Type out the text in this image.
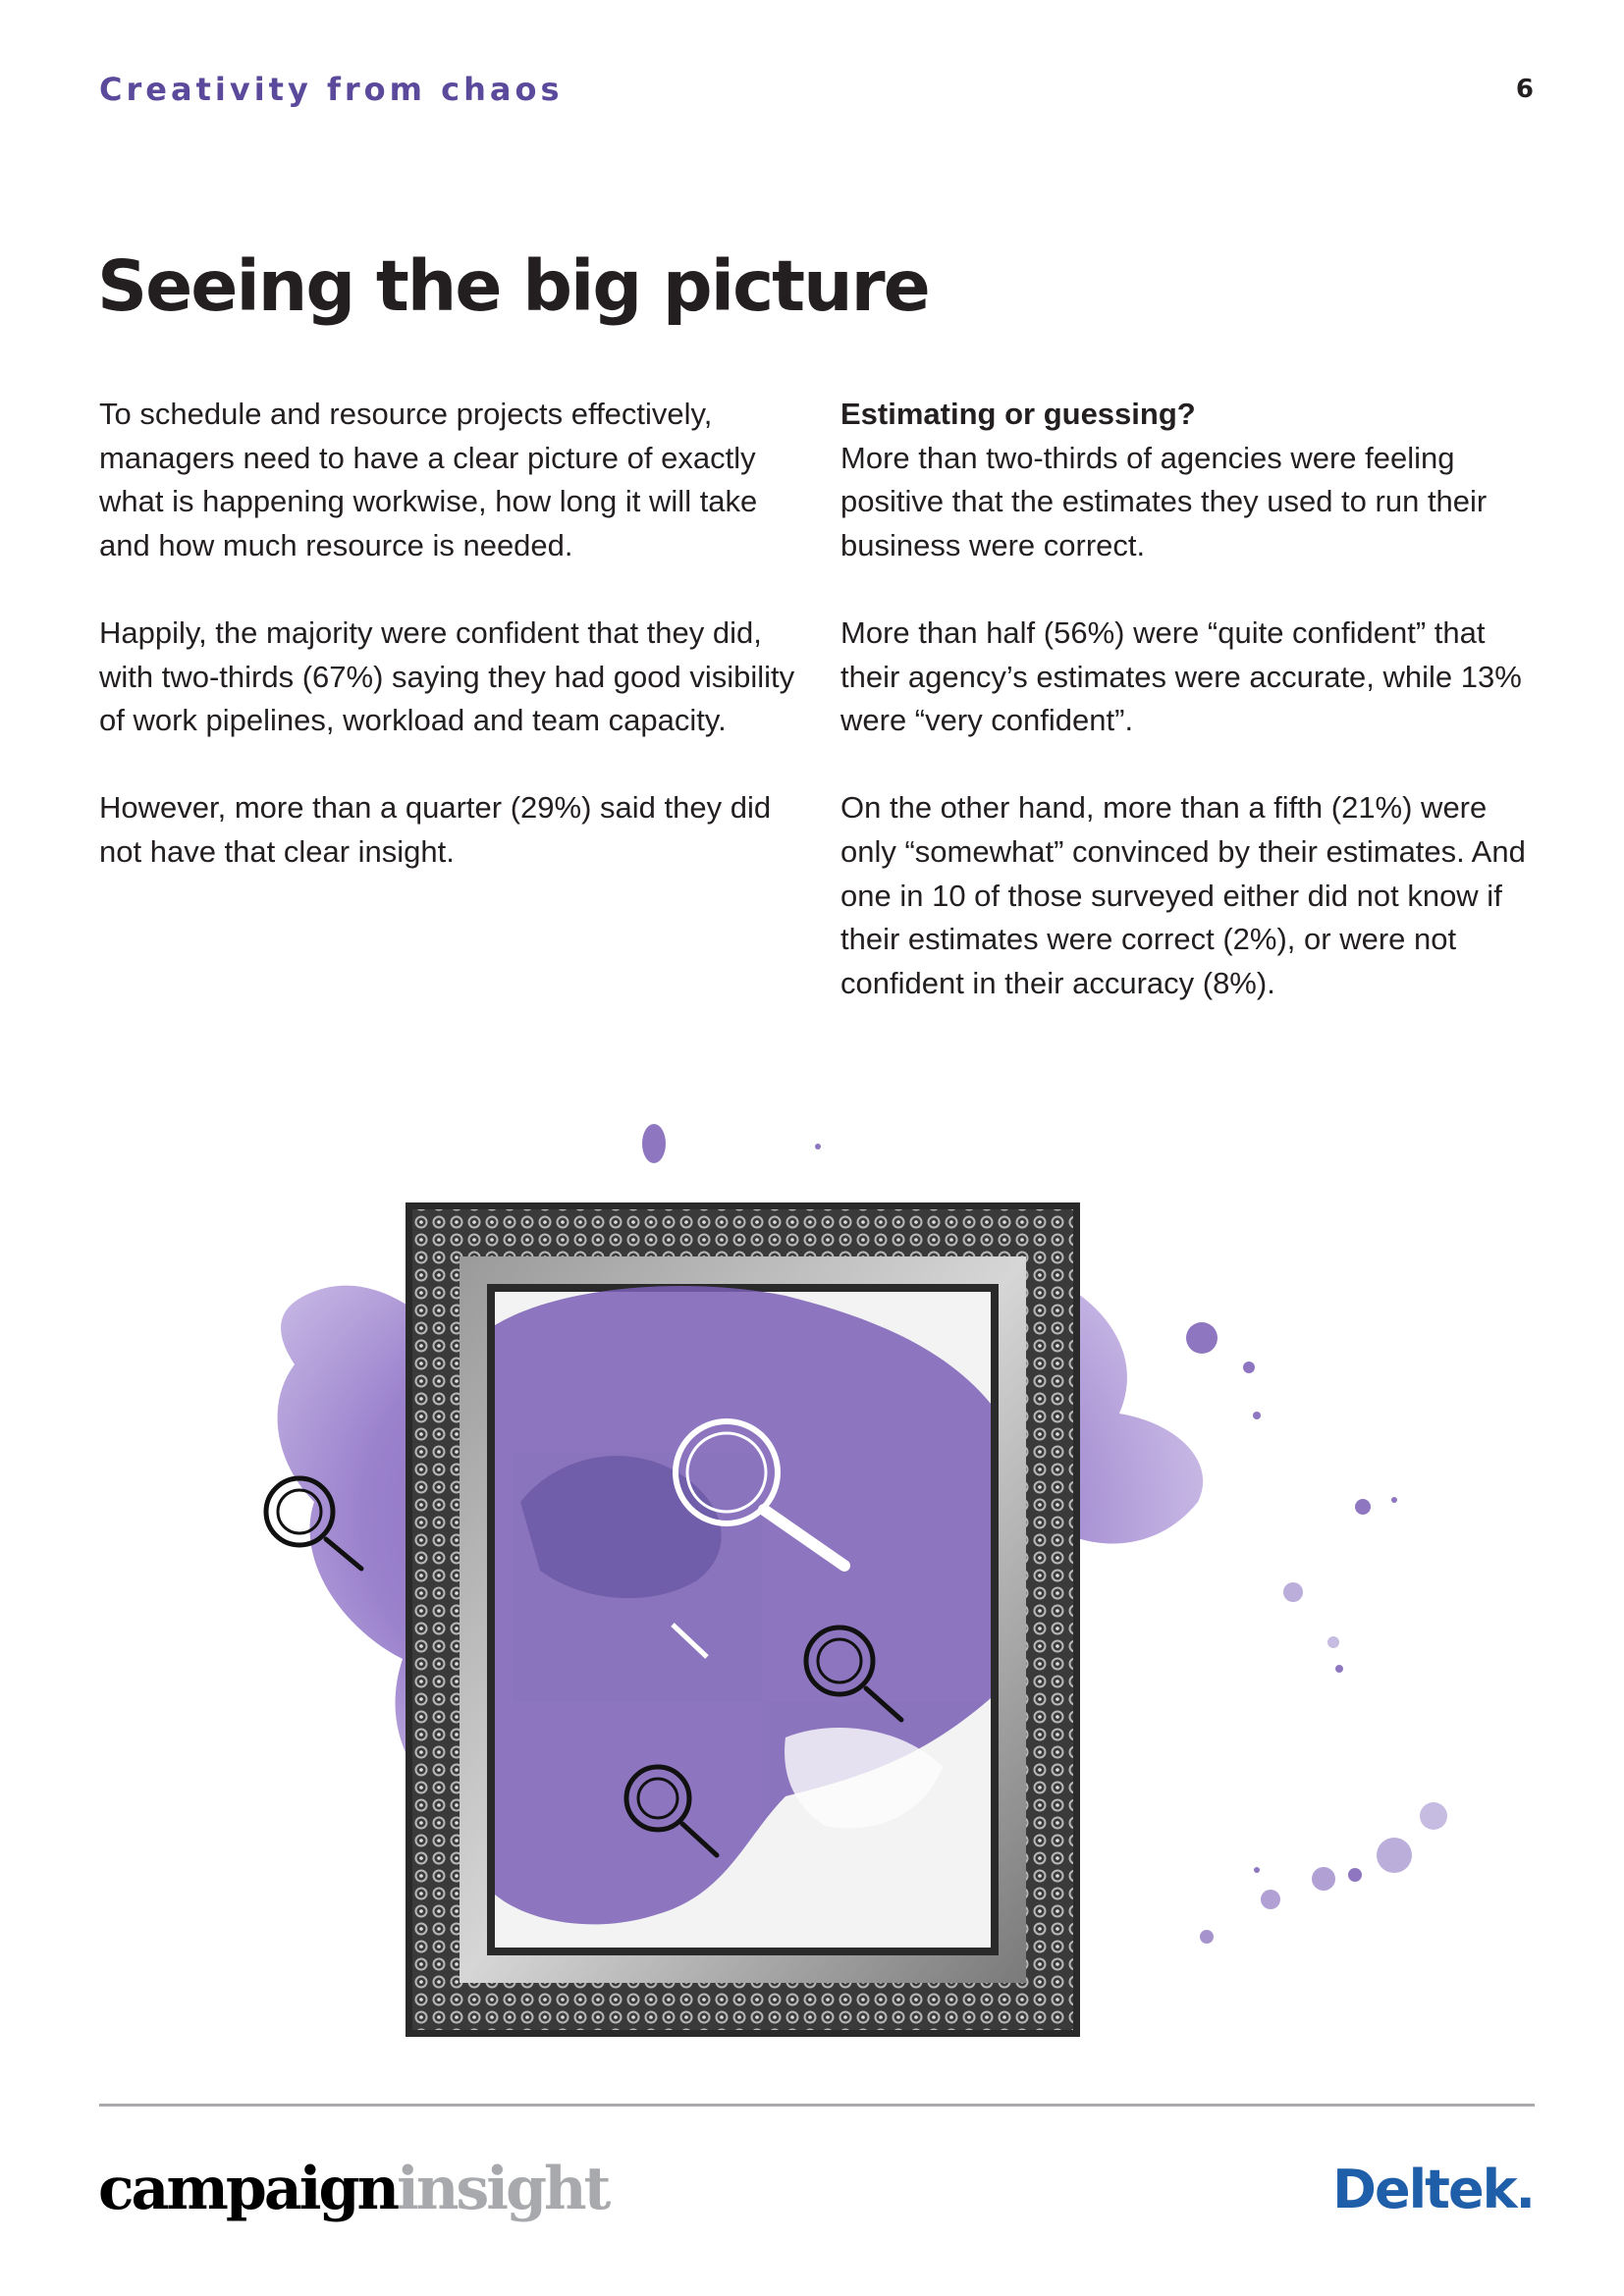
Creativity from chaos	6
Seeing the big picture

To schedule and resource projects effectively, managers need to have a clear picture of exactly what is happening workwise, how long it will take and how much resource is needed.

Happily, the majority were confident that they did, with two-thirds (67%) saying they had good visibility of work pipelines, workload and team capacity.

However, more than a quarter (29%) said they did not have that clear insight.

Estimating or guessing?
More than two-thirds of agencies were feeling positive that the estimates they used to run their business were correct.

More than half (56%) were “quite confident” that their agency’s estimates were accurate, while 13% were “very confident”.

On the other hand, more than a fifth (21%) were only “somewhat” convinced by their estimates. And one in 10 of those surveyed either did not know if their estimates were correct (2%), or were not confident in their accuracy (8%).

campaigninsight	Deltek.
